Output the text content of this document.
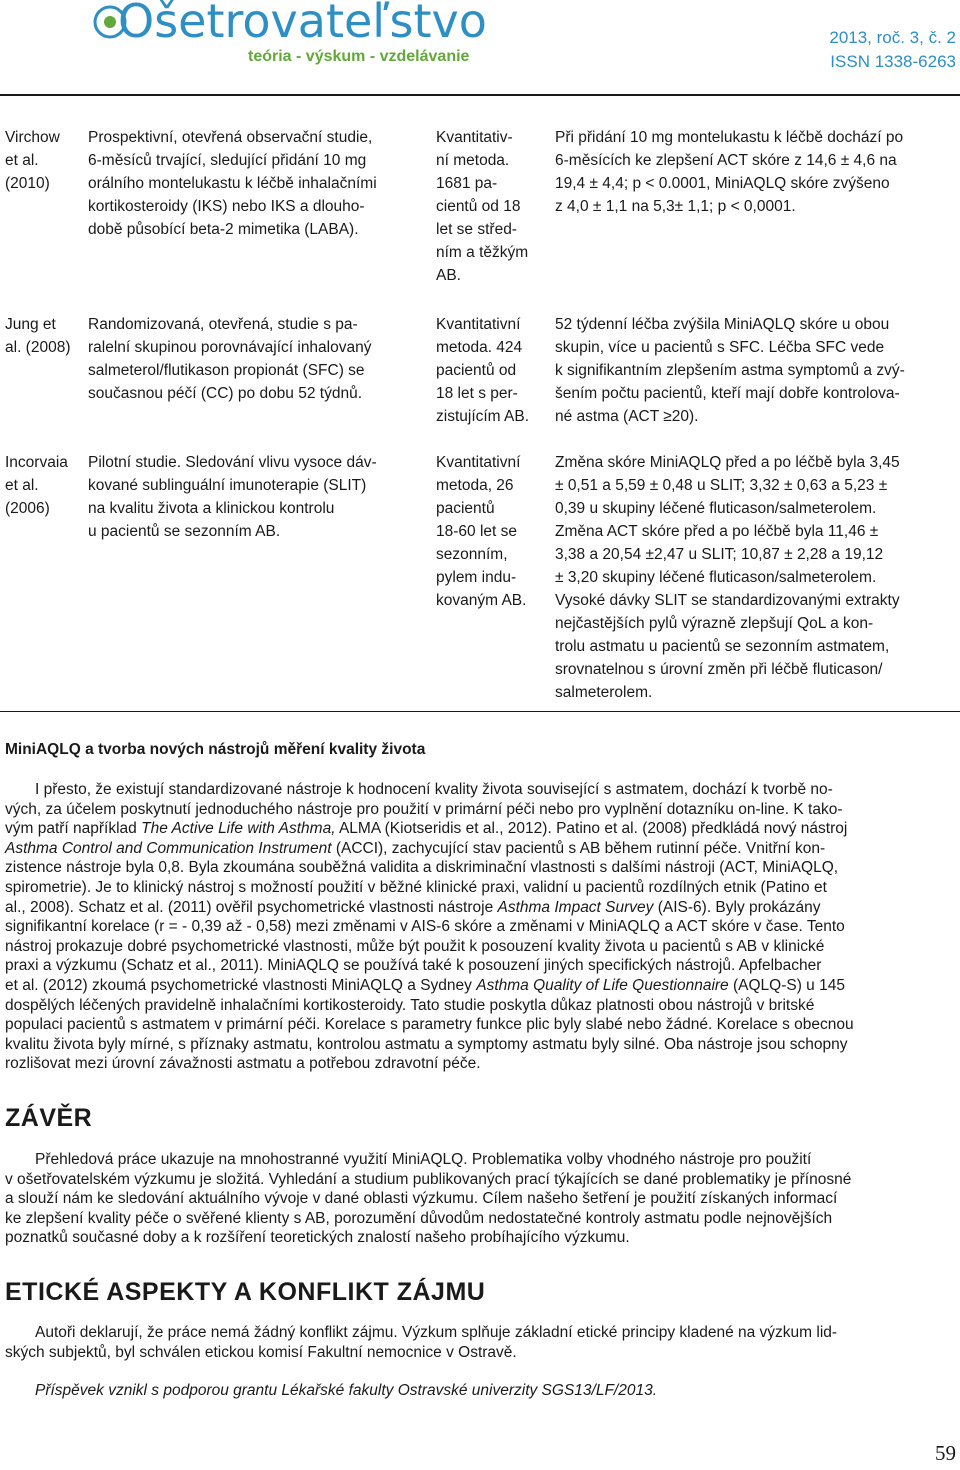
Ošetrovateľstvo
teória - výskum - vzdelávanie
2013, roč. 3, č. 2
ISSN 1338-6263
Virchow
et al.
(2010)
Prospektivní, otevřená observační studie,
6-měsíců trvající, sledující přidání 10 mg
orálního montelukastu k léčbě inhalačními
kortikosteroidy (IKS) nebo IKS a dlouho-
době působící beta-2 mimetika (LABA).
Kvantitativ-
ní metoda.
1681 pa-
cientů od 18
let se střed-
ním a těžkým
AB.
Při přidání 10 mg montelukastu k léčbě dochází po
6-měsících ke zlepšení ACT skóre z 14,6 ± 4,6 na
19,4 ± 4,4; p < 0.0001, MiniAQLQ skóre zvýšeno
z 4,0 ± 1,1 na 5,3± 1,1; p < 0,0001.
Jung et
al. (2008)
Randomizovaná, otevřená, studie s pa-
ralelní skupinou porovnávající inhalovaný
salmeterol/flutikason propionát (SFC) se
současnou péčí (CC) po dobu 52 týdnů.
Kvantitativní
metoda. 424
pacientů od
18 let s per-
zistujícím AB.
52 týdenní léčba zvýšila MiniAQLQ skóre u obou
skupin, více u pacientů s SFC. Léčba SFC vede
k signifikantním zlepšením astma symptomů a zvý-
šením počtu pacientů, kteří mají dobře kontrolova-
né astma (ACT ≥20).
Incorvaia
et al.
(2006)
Pilotní studie. Sledování vlivu vysoce dáv-
kované sublinguální imunoterapie (SLIT)
na kvalitu života a klinickou kontrolu
u pacientů se sezonním AB.
Kvantitativní
metoda, 26
pacientů
18-60 let se
sezonním,
pylem indu-
kovaným AB.
Změna skóre MiniAQLQ před a po léčbě byla 3,45
± 0,51 a 5,59 ± 0,48 u SLIT; 3,32 ± 0,63 a 5,23 ±
0,39 u skupiny léčené fluticason/salmeterolem.
Změna ACT skóre před a po léčbě byla 11,46 ±
3,38 a 20,54 ±2,47 u SLIT; 10,87 ± 2,28 a 19,12
± 3,20 skupiny léčené fluticason/salmeterolem.
Vysoké dávky SLIT se standardizovanými extrakty
nejčastějších pylů výrazně zlepšují QoL a kon-
trolu astmatu u pacientů se sezonním astmatem,
srovnatelnou s úrovní změn při léčbě fluticason/
salmeterolem.
MiniAQLQ a tvorba nových nástrojů měření kvality života
I přesto, že existují standardizované nástroje k hodnocení kvality života související s astmatem, dochází k tvorbě no-
vých, za účelem poskytnutí jednoduchého nástroje pro použití v primární péči nebo pro vyplnění dotazníku on-line. K tako-
vým patří například The Active Life with Asthma, ALMA (Kiotseridis et al., 2012). Patino et al. (2008) předkládá nový nástroj
Asthma Control and Communication Instrument (ACCI), zachycující stav pacientů s AB během rutinní péče. Vnitřní kon-
zistence nástroje byla 0,8. Byla zkoumána souběžná validita a diskriminační vlastnosti s dalšími nástroji (ACT, MiniAQLQ,
spirometrie). Je to klinický nástroj s možností použití v běžné klinické praxi, validní u pacientů rozdílných etnik (Patino et
al., 2008). Schatz et al. (2011) ověřil psychometrické vlastnosti nástroje Asthma Impact Survey (AIS-6). Byly prokázány
signifikantní korelace (r = - 0,39 až - 0,58) mezi změnami v AIS-6 skóre a změnami v MiniAQLQ a ACT skóre v čase. Tento
nástroj prokazuje dobré psychometrické vlastnosti, může být použit k posouzení kvality života u pacientů s AB v klinické
praxi a výzkumu (Schatz et al., 2011). MiniAQLQ se používá také k posouzení jiných specifických nástrojů. Apfelbacher
et al. (2012) zkoumá psychometrické vlastnosti MiniAQLQ a Sydney Asthma Quality of Life Questionnaire (AQLQ-S) u 145
dospělých léčených pravidelně inhalačními kortikosteroidy. Tato studie poskytla důkaz platnosti obou nástrojů v britské
populaci pacientů s astmatem v primární péči. Korelace s parametry funkce plic byly slabé nebo žádné. Korelace s obecnou
kvalitu života byly mírné, s příznaky astmatu, kontrolou astmatu a symptomy astmatu byly silné. Oba nástroje jsou schopny
rozlišovat mezi úrovní závažnosti astmatu a potřebou zdravotní péče.
ZÁVĚR
Přehledová práce ukazuje na mnohostranné využití MiniAQLQ. Problematika volby vhodného nástroje pro použití
v ošetřovatelském výzkumu je složitá. Vyhledání a studium publikovaných prací týkajících se dané problematiky je přínosné
a slouží nám ke sledování aktuálního vývoje v dané oblasti výzkumu. Cílem našeho šetření je použití získaných informací
ke zlepšení kvality péče o svěřené klienty s AB, porozumění důvodům nedostatečné kontroly astmatu podle nejnovějších
poznatků současné doby a k rozšíření teoretických znalostí našeho probíhajícího výzkumu.
ETICKÉ ASPEKTY A KONFLIKT ZÁJMU
Autoři deklarují, že práce nemá žádný konflikt zájmu. Výzkum splňuje základní etické principy kladené na výzkum lid-
ských subjektů, byl schválen etickou komisí Fakultní nemocnice v Ostravě.
Příspěvek vznikl s podporou grantu Lékařské fakulty Ostravské univerzity SGS13/LF/2013.
59
